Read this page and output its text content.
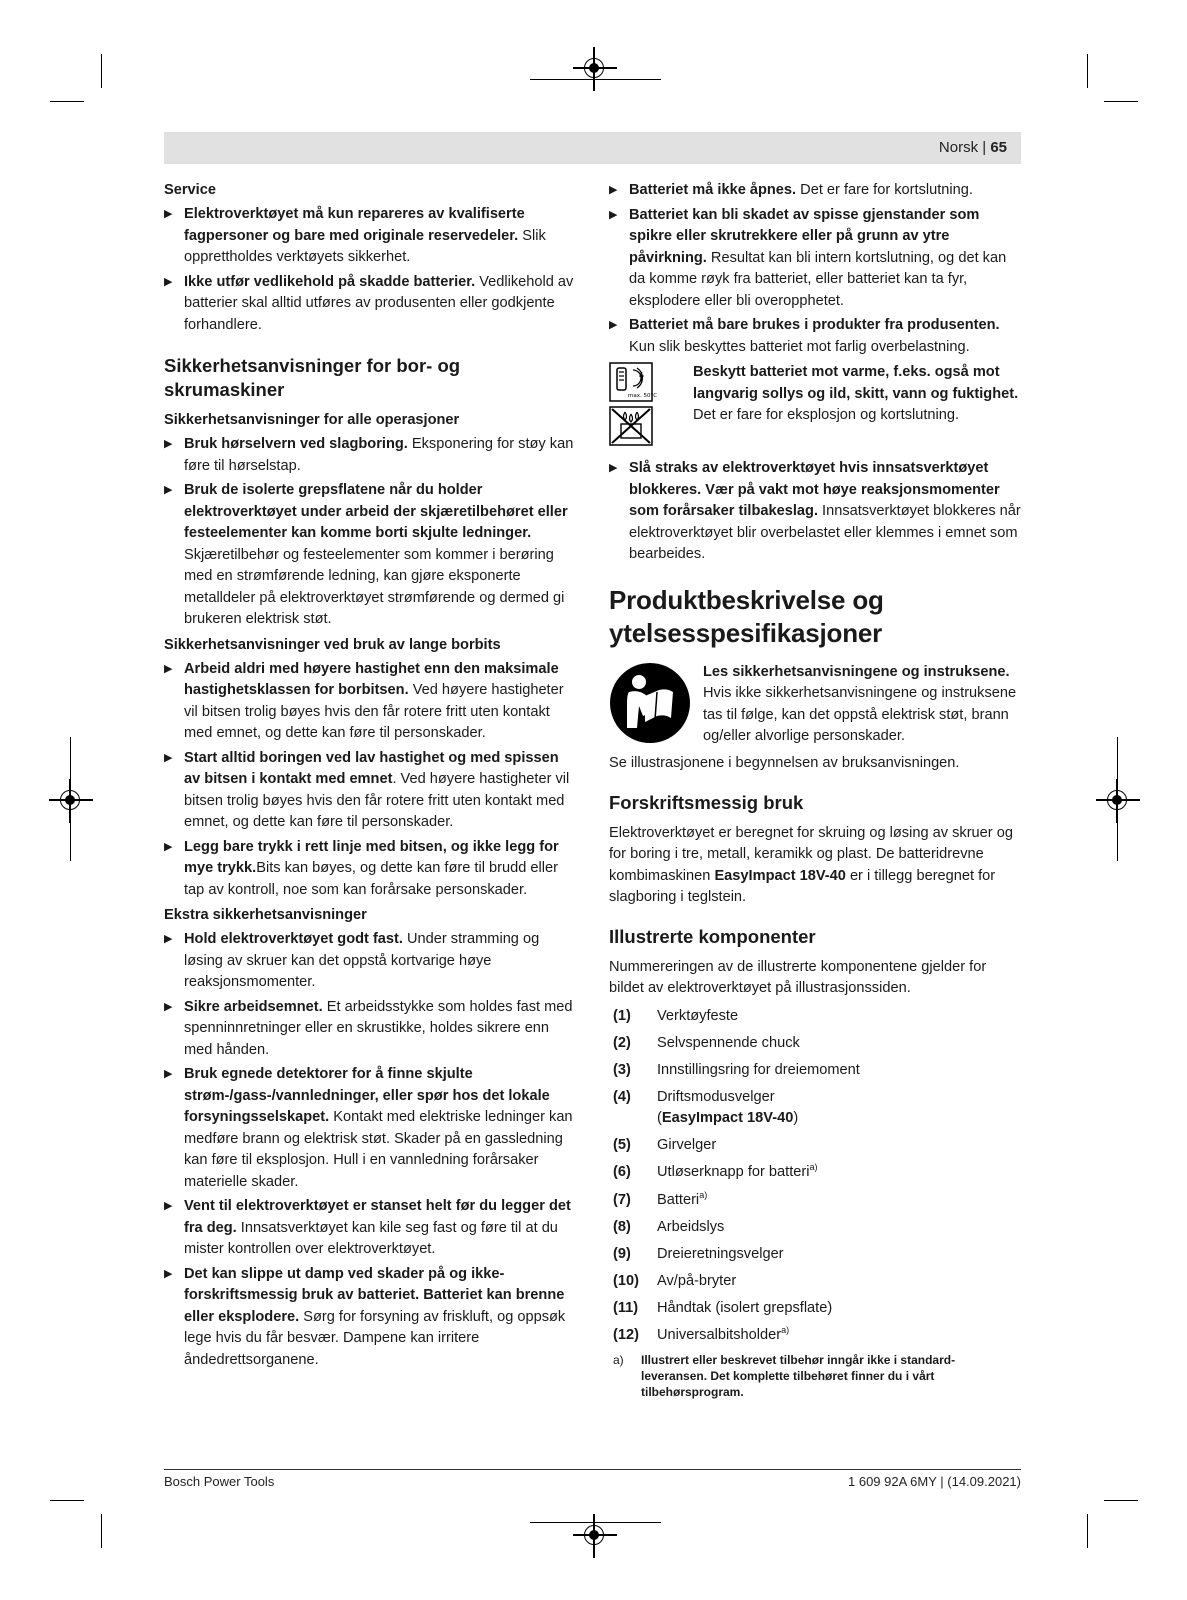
Norsk | 65
Service
▶ Elektroverktøyet må kun repareres av kvalifiserte fagpersoner og bare med originale reservedeler. Slik opprettholdes verktøyets sikkerhet.
▶ Ikke utfør vedlikehold på skadde batterier. Vedlikehold av batterier skal alltid utføres av produsenten eller godkjente forhandlere.
Sikkerhetsanvisninger for bor- og skrumaskiner
Sikkerhetsanvisninger for alle operasjoner
▶ Bruk hørselvern ved slagboring. Eksponering for støy kan føre til hørselstap.
▶ Bruk de isolerte grepsflatene når du holder elektroverktøyet under arbeid der skjæretilbehøret eller festeelementer kan komme borti skjulte ledninger. Skjæretilbehør og festeelementer som kommer i berøring med en strømførende ledning, kan gjøre eksponerte metalldeler på elektroverktøyet strømførende og dermed gi brukeren elektrisk støt.
Sikkerhetsanvisninger ved bruk av lange borbits
▶ Arbeid aldri med høyere hastighet enn den maksimale hastighetsklassen for borbitsen. Ved høyere hastigheter vil bitsen trolig bøyes hvis den får rotere fritt uten kontakt med emnet, og dette kan føre til personskader.
▶ Start alltid boringen ved lav hastighet og med spissen av bitsen i kontakt med emnet. Ved høyere hastigheter vil bitsen trolig bøyes hvis den får rotere fritt uten kontakt med emnet, og dette kan føre til personskader.
▶ Legg bare trykk i rett linje med bitsen, og ikke legg for mye trykk.Bits kan bøyes, og dette kan føre til brudd eller tap av kontroll, noe som kan forårsake personskader.
Ekstra sikkerhetsanvisninger
▶ Hold elektroverktøyet godt fast. Under stramming og løsing av skruer kan det oppstå kortvarige høye reaksjonsmomenter.
▶ Sikre arbeidsemnet. Et arbeidsstykke som holdes fast med spenninnretninger eller en skrustikke, holdes sikrere enn med hånden.
▶ Bruk egnede detektorer for å finne skjulte strøm-/gass-/vannledninger, eller spør hos det lokale forsyningsselskapet. Kontakt med elektriske ledninger kan medføre brann og elektrisk støt. Skader på en gassledning kan føre til eksplosjon. Hull i en vannledning forårsaker materielle skader.
▶ Vent til elektroverktøyet er stanset helt før du legger det fra deg. Innsatsverktøyet kan kile seg fast og føre til at du mister kontrollen over elektroverktøyet.
▶ Det kan slippe ut damp ved skader på og ikke-forskriftsmessig bruk av batteriet. Batteriet kan brenne eller eksplodere. Sørg for forsyning av friskluft, og oppsøk lege hvis du får besvær. Dampene kan irritere åndedrettsorganene.
▶ Batteriet må ikke åpnes. Det er fare for kortslutning.
▶ Batteriet kan bli skadet av spisse gjenstander som spikre eller skrutrekkere eller på grunn av ytre påvirkning. Resultat kan bli intern kortslutning, og det kan da komme røyk fra batteriet, eller batteriet kan ta fyr, eksplodere eller bli overopphetet.
▶ Batteriet må bare brukes i produkter fra produsenten. Kun slik beskyttes batteriet mot farlig overbelastning.
max. 50°C
Beskytt batteriet mot varme, f.eks. også mot langvarig sollys og ild, skitt, vann og fuktighet. Det er fare for eksplosjon og kortslutning.
▶ Slå straks av elektroverktøyet hvis innsatsverktøyet blokkeres. Vær på vakt mot høye reaksjonsmomenter som forårsaker tilbakeslag. Innsatsverktøyet blokkeres når elektroverktøyet blir overbelastet eller klemmes i emnet som bearbeides.
Produktbeskrivelse og ytelsesspesifikasjoner
Les sikkerhetsanvisningene og instruksene. Hvis ikke sikkerhetsanvisningene og instruksene tas til følge, kan det oppstå elektrisk støt, brann og/eller alvorlige personskader.

Se illustrasjonene i begynnelsen av bruksanvisningen.

Forskriftsmessig bruk

Elektroverktøyet er beregnet for skruing og løsing av skruer og for boring i tre, metall, keramikk og plast. De batteridrevne kombimaskinen EasyImpact 18V-40 er i tillegg beregnet for slagboring i teglstein.

Illustrerte komponenter

Nummereringen av de illustrerte komponentene gjelder for bildet av elektroverktøyet på illustrasjonssiden.

(1)	Verktøyfeste
(2)	Selvspennende chuck
(3)	Innstillingsring for dreiemoment
(4)	Driftsmodusvelger
(EasyImpact 18V-40)
(5)	Girvelger
(6)	Utløserknapp for batteri$^{a)}$
(7)	Batteri$^{a)}$
(8)	Arbeidslys
(9)	Dreieretningsvelger
(10)	Av/på-bryter
(11)	Håndtak (isolert grepsflate)
(12)	Universalbitsholder$^{a)}$
a)	Illustrert eller beskrevet tilbehør inngår ikke i standard-leveransen. Det komplette tilbehøret finner du i vårt tilbehørsprogram.
Bosch Power Tools	1 609 92A 6MY | (14.09.2021)
